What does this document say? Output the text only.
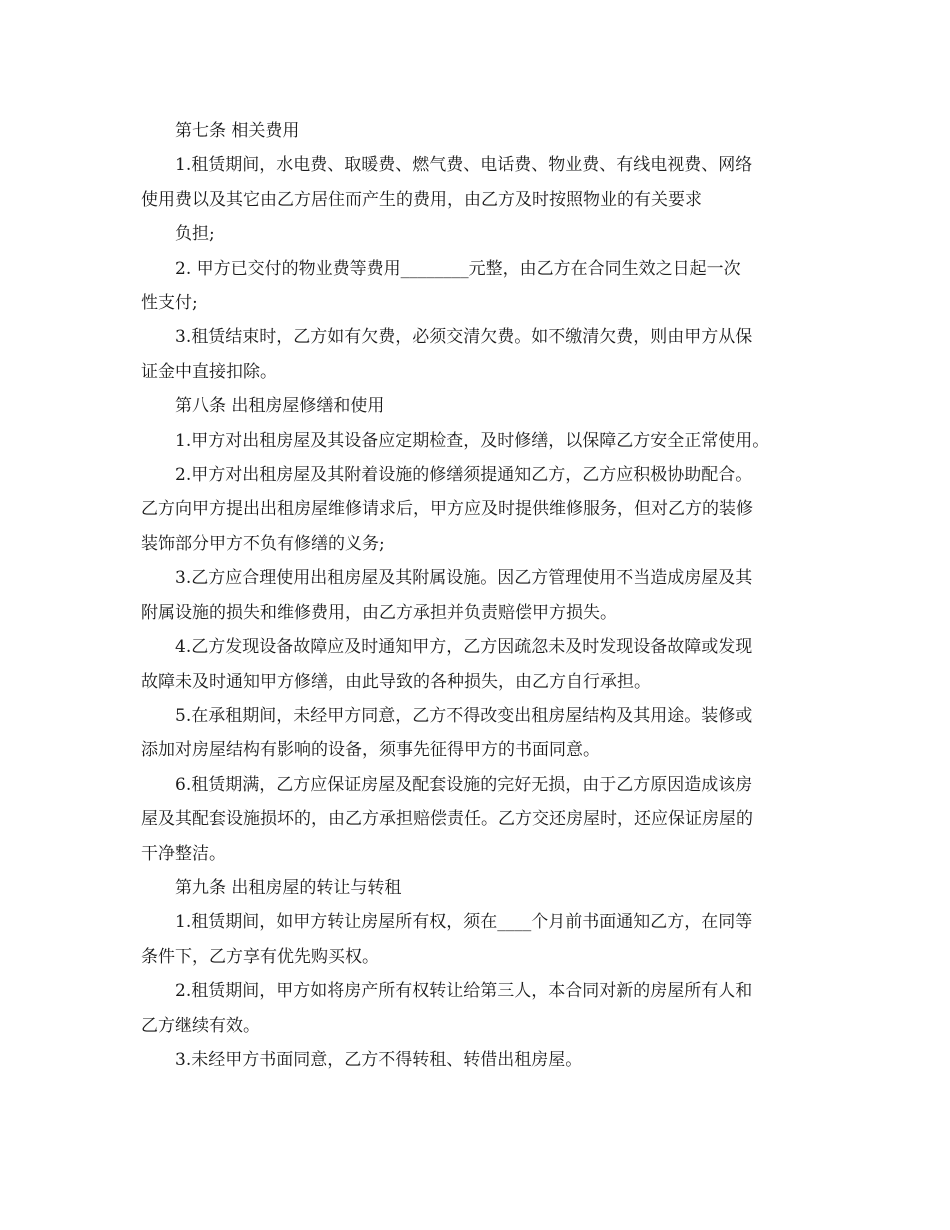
第七条 相关费用

1.租赁期间，水电费、取暖费、燃气费、电话费、物业费、有线电视费、网络

使用费以及其它由乙方居住而产生的费用，由乙方及时按照物业的有关要求

负担;

2. 甲方已交付的物业费等费用________元整，由乙方在合同生效之日起一次

性支付;

3.租赁结束时，乙方如有欠费，必须交清欠费。如不缴清欠费，则由甲方从保

证金中直接扣除。

第八条 出租房屋修缮和使用

1.甲方对出租房屋及其设备应定期检查，及时修缮，以保障乙方安全正常使用。

2.甲方对出租房屋及其附着设施的修缮须提通知乙方，乙方应积极协助配合。

乙方向甲方提出出租房屋维修请求后，甲方应及时提供维修服务，但对乙方的装修

装饰部分甲方不负有修缮的义务;

3.乙方应合理使用出租房屋及其附属设施。因乙方管理使用不当造成房屋及其

附属设施的损失和维修费用，由乙方承担并负责赔偿甲方损失。

4.乙方发现设备故障应及时通知甲方，乙方因疏忽未及时发现设备故障或发现

故障未及时通知甲方修缮，由此导致的各种损失，由乙方自行承担。

5.在承租期间，未经甲方同意，乙方不得改变出租房屋结构及其用途。装修或

添加对房屋结构有影响的设备，须事先征得甲方的书面同意。

6.租赁期满，乙方应保证房屋及配套设施的完好无损，由于乙方原因造成该房

屋及其配套设施损坏的，由乙方承担赔偿责任。乙方交还房屋时，还应保证房屋的

干净整洁。

第九条 出租房屋的转让与转租

1.租赁期间，如甲方转让房屋所有权，须在____个月前书面通知乙方，在同等

条件下，乙方享有优先购买权。

2.租赁期间，甲方如将房产所有权转让给第三人，本合同对新的房屋所有人和

乙方继续有效。

3.未经甲方书面同意，乙方不得转租、转借出租房屋。
